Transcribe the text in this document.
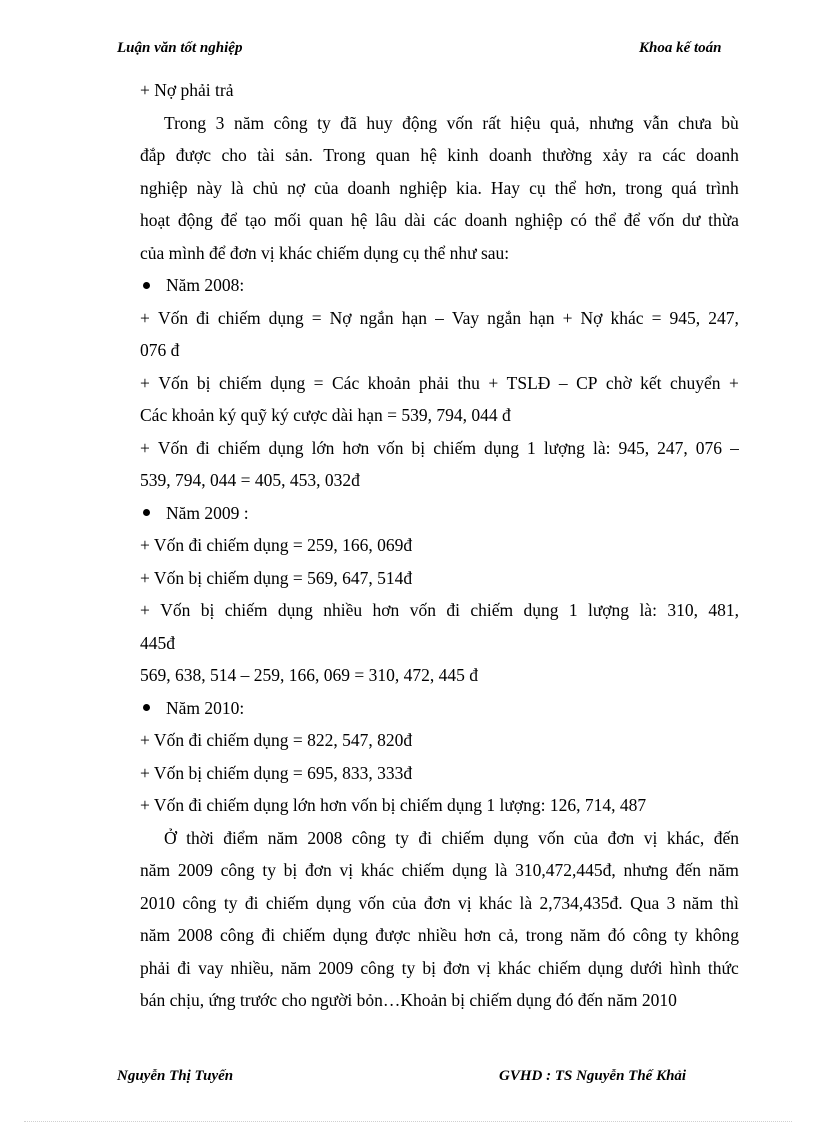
Luận văn tốt nghiệp	Khoa kế toán
+ Nợ phải trả
Trong 3 năm công ty đã huy động vốn rất hiệu quả, nhưng vẫn chưa bù
đắp được cho tài sản. Trong quan hệ kinh doanh thường xảy ra các doanh
nghiệp này là chủ nợ của doanh nghiệp kia. Hay cụ thể hơn, trong quá trình
hoạt động để tạo mối quan hệ lâu dài các doanh nghiệp có thể để vốn dư thừa
của mình để đơn vị khác chiếm dụng cụ thể như sau:
Năm 2008:
+ Vốn đi chiếm dụng = Nợ ngắn hạn – Vay ngắn hạn + Nợ khác = 945, 247,
076 đ
+ Vốn bị chiếm dụng = Các khoản phải thu + TSLĐ – CP chờ kết chuyển +
Các khoản ký quỹ ký cược dài hạn = 539, 794, 044 đ
+ Vốn đi chiếm dụng lớn hơn vốn bị chiếm dụng 1 lượng là: 945, 247, 076 –
539, 794, 044 = 405, 453, 032đ
Năm 2009 :
+ Vốn đi chiếm dụng = 259, 166, 069đ
+ Vốn bị chiếm dụng = 569, 647, 514đ
+ Vốn bị chiếm dụng nhiều hơn vốn đi chiếm dụng 1 lượng là: 310, 481,
445đ
569, 638, 514 – 259, 166, 069 = 310, 472, 445 đ
Năm 2010:
+ Vốn đi chiếm dụng = 822, 547, 820đ
+ Vốn bị chiếm dụng = 695, 833, 333đ
+ Vốn đi chiếm dụng lớn hơn vốn bị chiếm dụng 1 lượng: 126, 714, 487
Ở thời điểm năm 2008 công ty đi chiếm dụng vốn của đơn vị khác, đến
năm 2009 công ty bị đơn vị khác chiếm dụng là 310,472,445đ, nhưng đến năm
2010 công ty đi chiếm dụng vốn của đơn vị khác là 2,734,435đ. Qua 3 năm thì
năm 2008 công đi chiếm dụng được nhiều hơn cả, trong năm đó công ty không
phải đi vay nhiều, năm 2009 công ty bị đơn vị khác chiếm dụng dưới hình thức
bán chịu, ứng trước cho người bỏn…Khoản bị chiếm dụng đó đến năm 2010
Nguyễn Thị Tuyến	GVHD : TS Nguyễn Thế Khải
